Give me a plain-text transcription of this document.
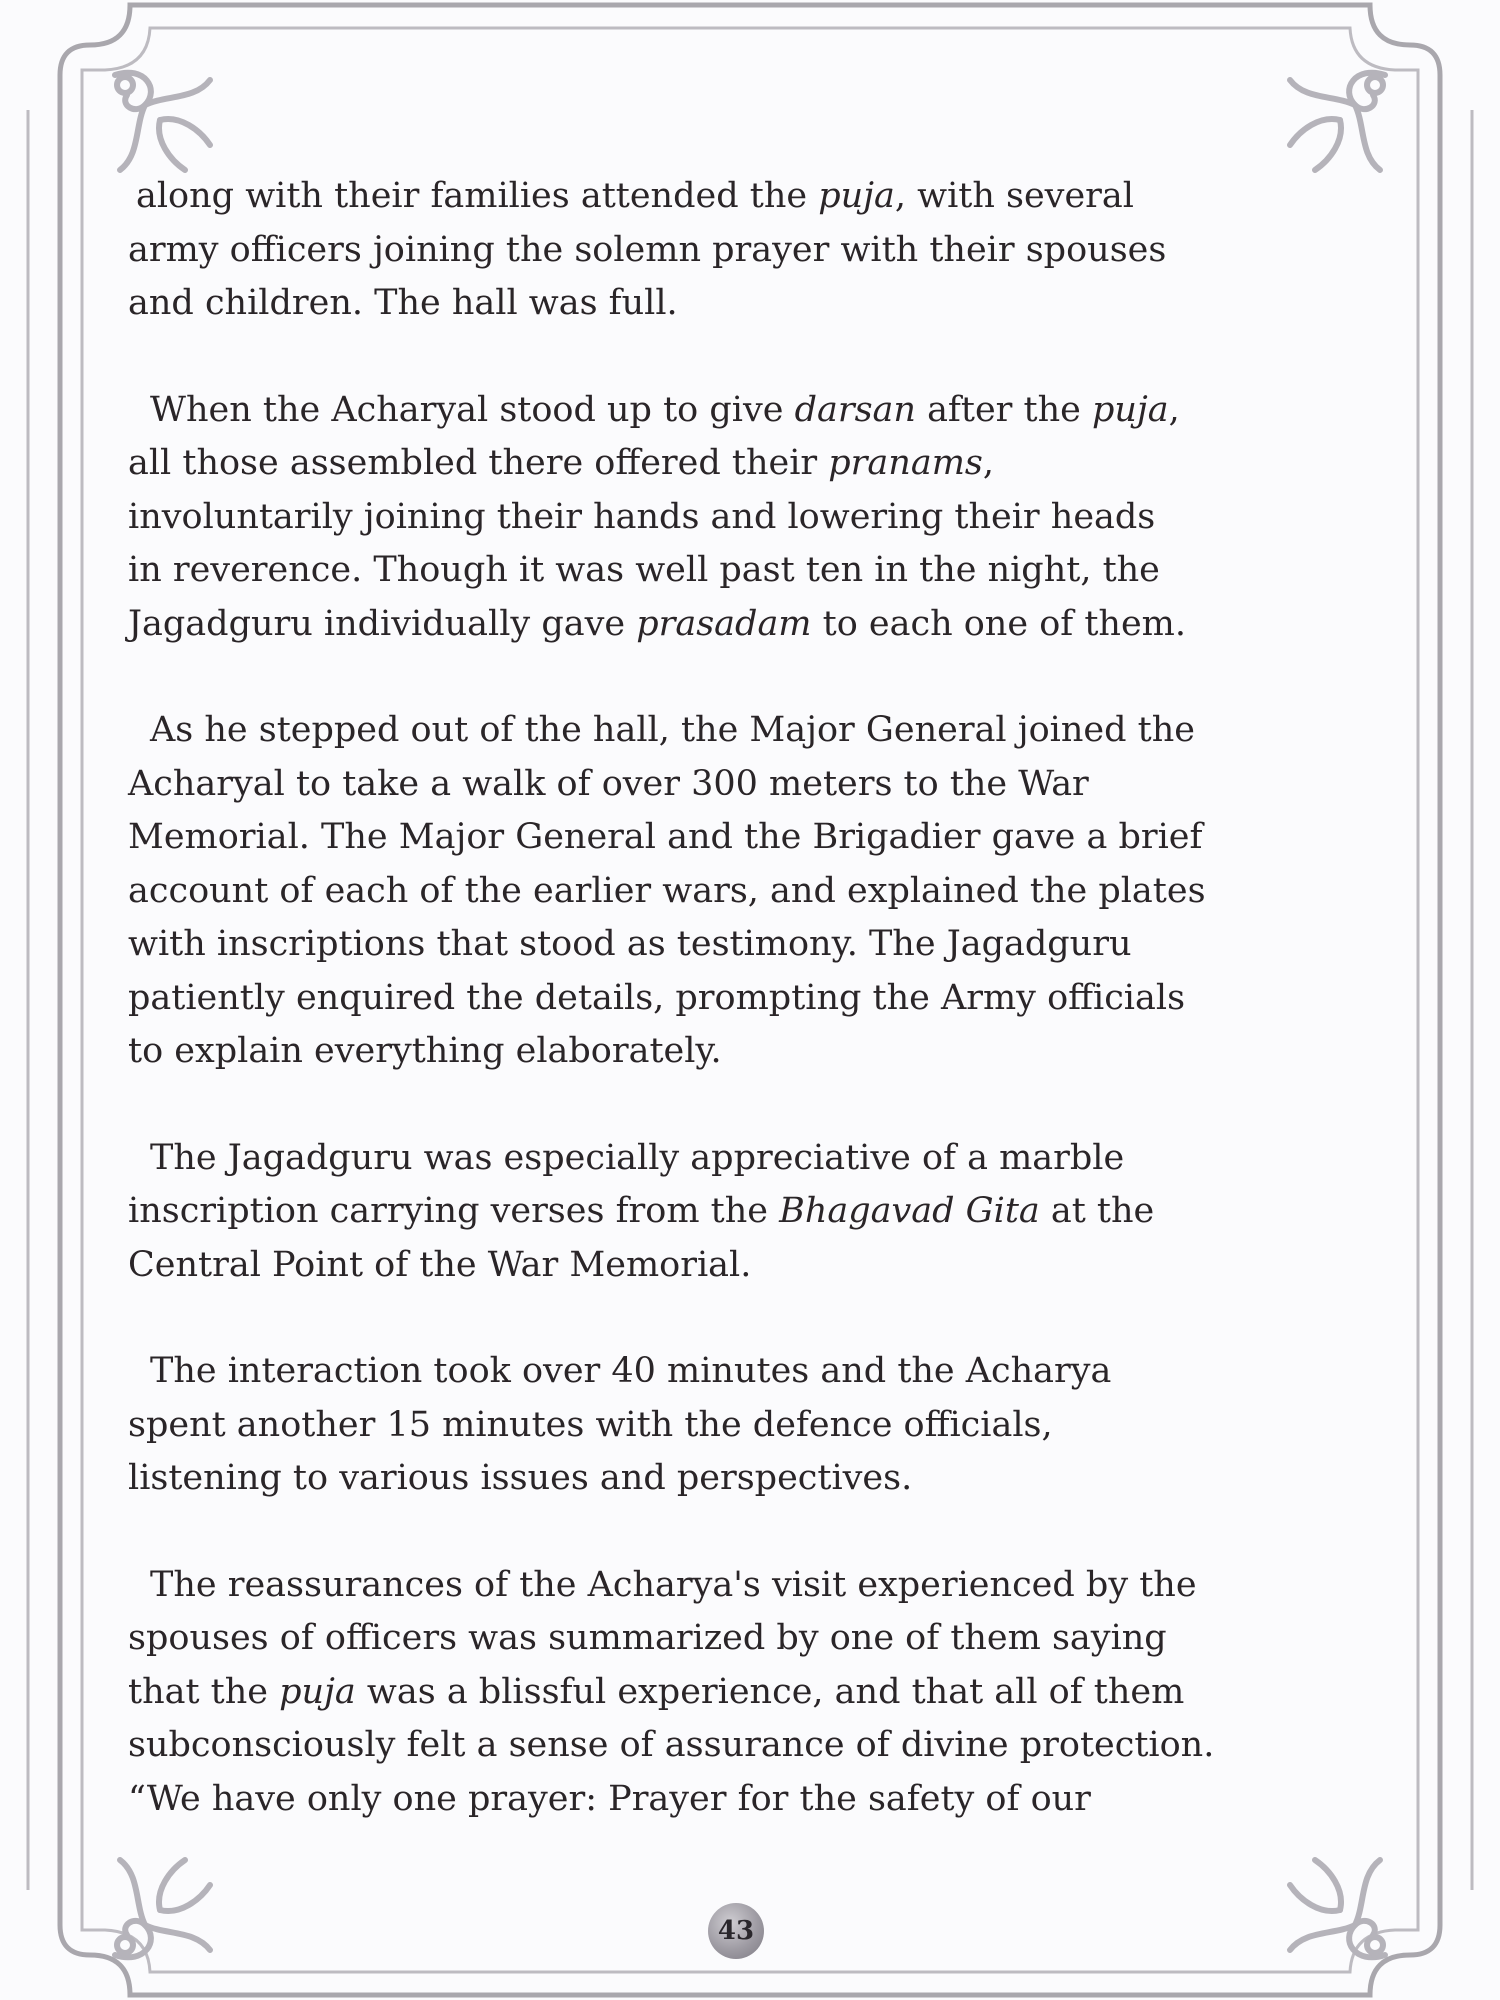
along with their families attended the puja, with several
army officers joining the solemn prayer with their spouses
and children. The hall was full.

When the Acharyal stood up to give darsan after the puja,
all those assembled there offered their pranams,
involuntarily joining their hands and lowering their heads
in reverence. Though it was well past ten in the night, the
Jagadguru individually gave prasadam to each one of them.

As he stepped out of the hall, the Major General joined the
Acharyal to take a walk of over 300 meters to the War
Memorial. The Major General and the Brigadier gave a brief
account of each of the earlier wars, and explained the plates
with inscriptions that stood as testimony. The Jagadguru
patiently enquired the details, prompting the Army officials
to explain everything elaborately.

The Jagadguru was especially appreciative of a marble
inscription carrying verses from the Bhagavad Gita at the
Central Point of the War Memorial.

The interaction took over 40 minutes and the Acharya
spent another 15 minutes with the defence officials,
listening to various issues and perspectives.

The reassurances of the Acharya's visit experienced by the
spouses of officers was summarized by one of them saying
that the puja was a blissful experience, and that all of them
subconsciously felt a sense of assurance of divine protection.
“We have only one prayer: Prayer for the safety of our

43
